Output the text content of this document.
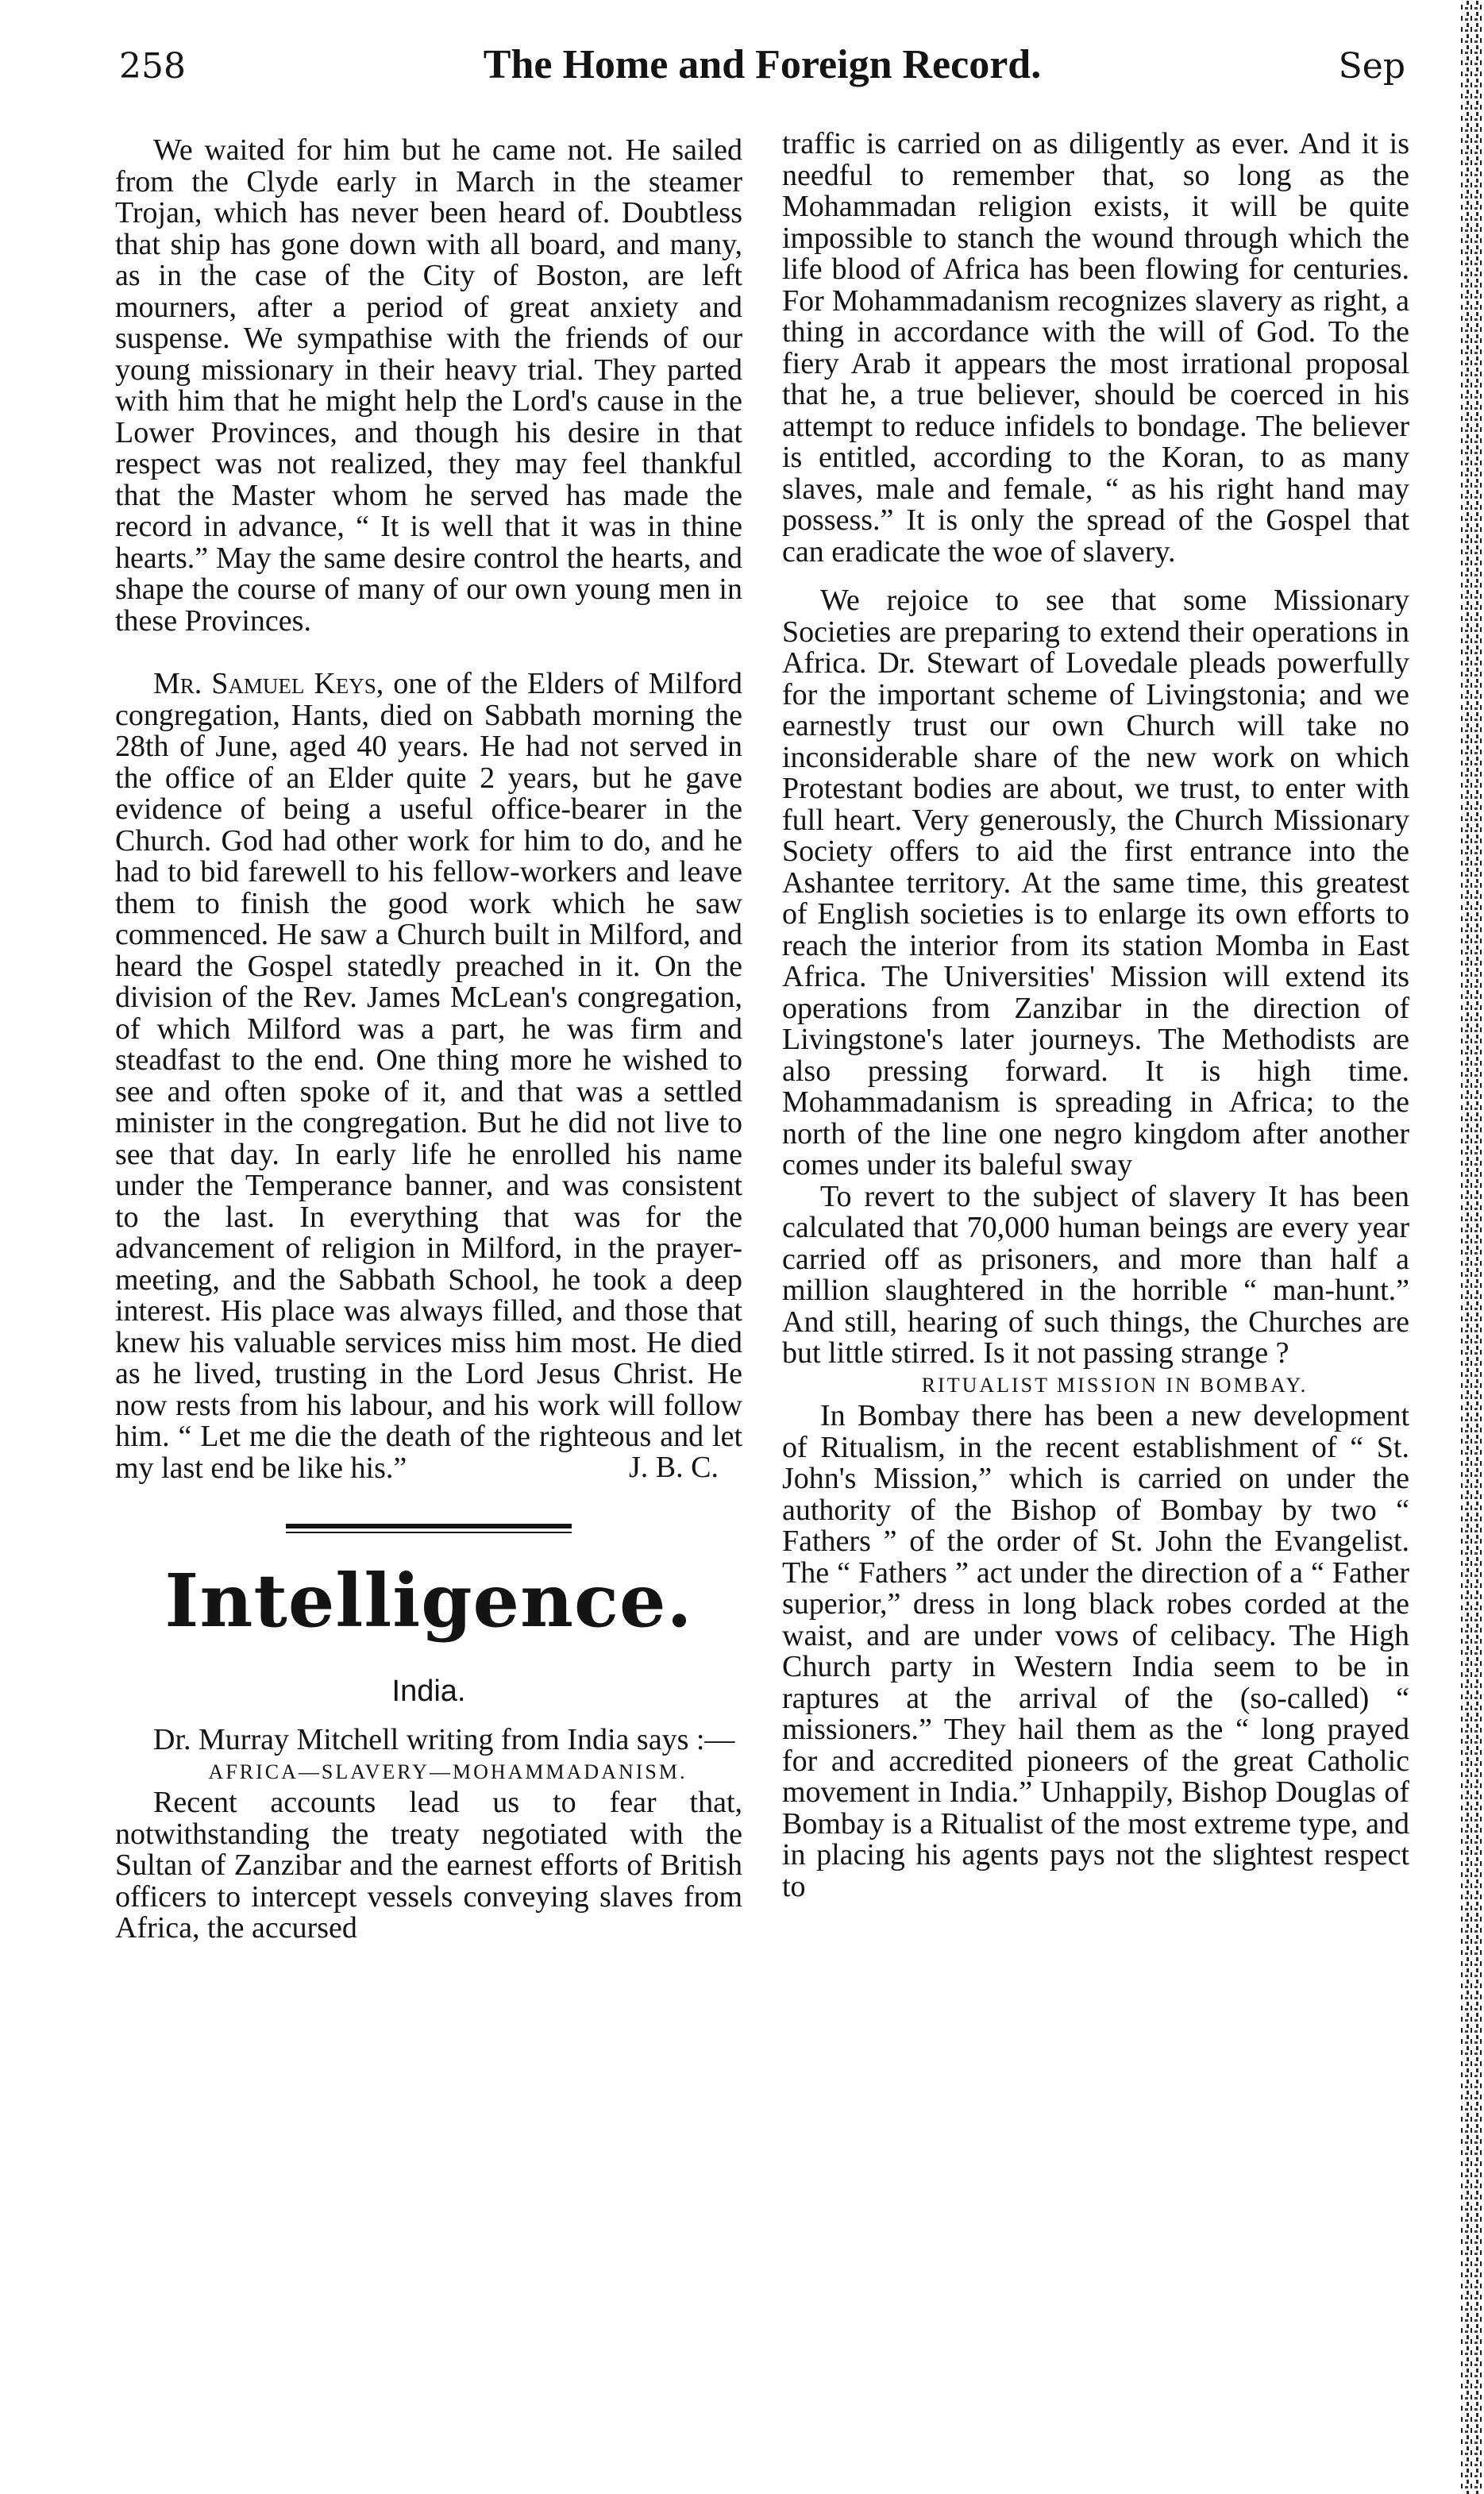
258	The Home and Foreign Record.	Sep

We waited for him but he came not. He sailed from the Clyde early in March in the steamer Trojan, which has never been heard of. Doubtless that ship has gone down with all board, and many, as in the case of the City of Boston, are left mourners, after a period of great anxiety and suspense. We sympathise with the friends of our young missionary in their heavy trial. They parted with him that he might help the Lord's cause in the Lower Provinces, and though his desire in that respect was not realized, they may feel thankful that the Master whom he served has made the record in advance, “ It is well that it was in thine hearts.” May the same desire control the hearts, and shape the course of many of our own young men in these Provinces.

Mr. Samuel Keys, one of the Elders of Milford congregation, Hants, died on Sabbath morning the 28th of June, aged 40 years. He had not served in the office of an Elder quite 2 years, but he gave evidence of being a useful office-bearer in the Church. God had other work for him to do, and he had to bid farewell to his fellow-workers and leave them to finish the good work which he saw commenced. He saw a Church built in Milford, and heard the Gospel statedly preached in it. On the division of the Rev. James McLean's congregation, of which Milford was a part, he was firm and steadfast to the end. One thing more he wished to see and often spoke of it, and that was a settled minister in the congregation. But he did not live to see that day. In early life he enrolled his name under the Temperance banner, and was consistent to the last. In everything that was for the advancement of religion in Milford, in the prayer-meeting, and the Sabbath School, he took a deep interest. His place was always filled, and those that knew his valuable services miss him most. He died as he lived, trusting in the Lord Jesus Christ. He now rests from his labour, and his work will follow him. “ Let me die the death of the righteous and let my last end be like his.”	J. B. C.
Intelligence.
India.

Dr. Murray Mitchell writing from India says :—

AFRICA—SLAVERY—MOHAMMADANISM.

Recent accounts lead us to fear that, notwithstanding the treaty negotiated with the Sultan of Zanzibar and the earnest efforts of British officers to intercept vessels conveying slaves from Africa, the accursed

traffic is carried on as diligently as ever. And it is needful to remember that, so long as the Mohammadan religion exists, it will be quite impossible to stanch the wound through which the life blood of Africa has been flowing for centuries. For Mohammadanism recognizes slavery as right, a thing in accordance with the will of God. To the fiery Arab it appears the most irrational proposal that he, a true believer, should be coerced in his attempt to reduce infidels to bondage. The believer is entitled, according to the Koran, to as many slaves, male and female, “ as his right hand may possess.” It is only the spread of the Gospel that can eradicate the woe of slavery.

We rejoice to see that some Missionary Societies are preparing to extend their operations in Africa. Dr. Stewart of Lovedale pleads powerfully for the important scheme of Livingstonia; and we earnestly trust our own Church will take no inconsiderable share of the new work on which Protestant bodies are about, we trust, to enter with full heart. Very generously, the Church Missionary Society offers to aid the first entrance into the Ashantee territory. At the same time, this greatest of English societies is to enlarge its own efforts to reach the interior from its station Momba in East Africa. The Universities' Mission will extend its operations from Zanzibar in the direction of Livingstone's later journeys. The Methodists are also pressing forward. It is high time. Mohammadanism is spreading in Africa; to the north of the line one negro kingdom after another comes under its baleful sway

To revert to the subject of slavery It has been calculated that 70,000 human beings are every year carried off as prisoners, and more than half a million slaughtered in the horrible “ man-hunt.” And still, hearing of such things, the Churches are but little stirred. Is it not passing strange ?

RITUALIST MISSION IN BOMBAY.

In Bombay there has been a new development of Ritualism, in the recent establishment of “ St. John's Mission,” which is carried on under the authority of the Bishop of Bombay by two “ Fathers ” of the order of St. John the Evangelist. The “ Fathers ” act under the direction of a “ Father superior,” dress in long black robes corded at the waist, and are under vows of celibacy. The High Church party in Western India seem to be in raptures at the arrival of the (so-called) “ missioners.” They hail them as the “ long prayed for and accredited pioneers of the great Catholic movement in India.” Unhappily, Bishop Douglas of Bombay is a Ritualist of the most extreme type, and in placing his agents pays not the slightest respect to
